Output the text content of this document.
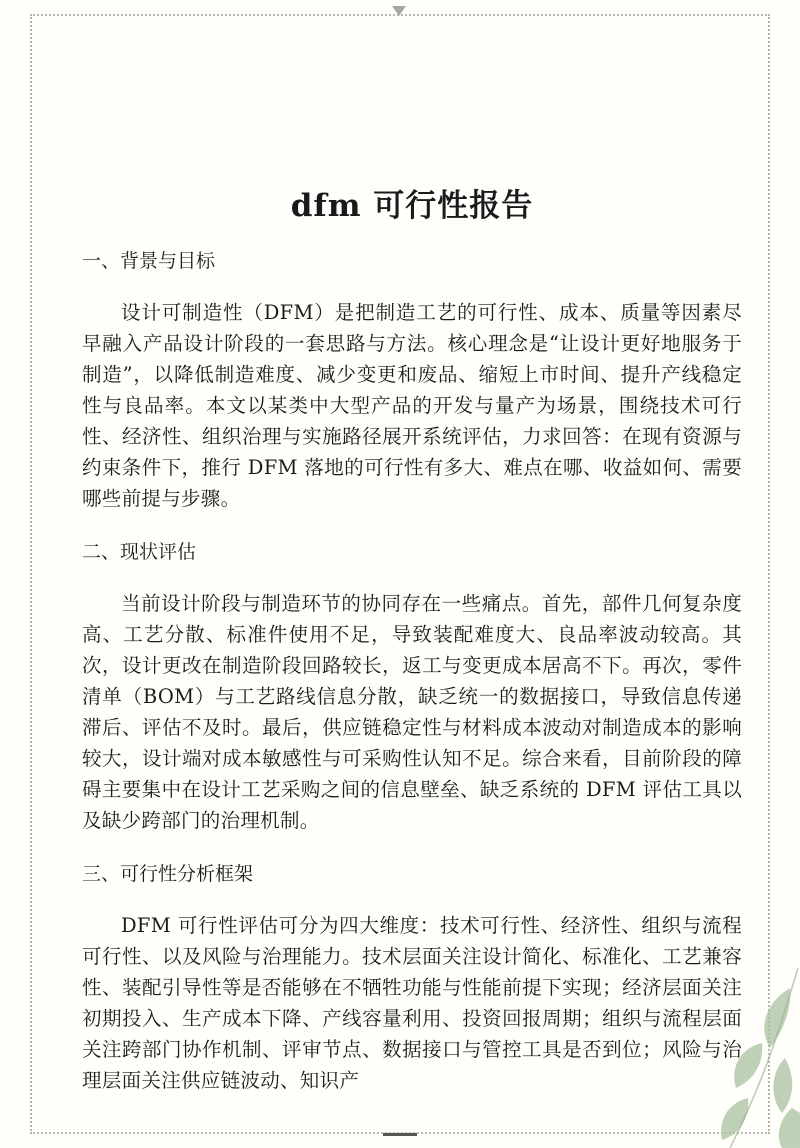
dfm 可行性报告
一、背景与目标

设计可制造性（DFM）是把制造工艺的可行性、成本、质量等因素尽早融入产品设计阶段的一套思路与方法。核心理念是“让设计更好地服务于制造”，以降低制造难度、减少变更和废品、缩短上市时间、提升产线稳定性与良品率。本文以某类中大型产品的开发与量产为场景，围绕技术可行性、经济性、组织治理与实施路径展开系统评估，力求回答：在现有资源与约束条件下，推行 DFM 落地的可行性有多大、难点在哪、收益如何、需要哪些前提与步骤。

二、现状评估

当前设计阶段与制造环节的协同存在一些痛点。首先，部件几何复杂度高、工艺分散、标准件使用不足，导致装配难度大、良品率波动较高。其次，设计更改在制造阶段回路较长，返工与变更成本居高不下。再次，零件清单（BOM）与工艺路线信息分散，缺乏统一的数据接口，导致信息传递滞后、评估不及时。最后，供应链稳定性与材料成本波动对制造成本的影响较大，设计端对成本敏感性与可采购性认知不足。综合来看，目前阶段的障碍主要集中在设计工艺采购之间的信息壁垒、缺乏系统的 DFM 评估工具以及缺少跨部门的治理机制。

三、可行性分析框架

DFM 可行性评估可分为四大维度：技术可行性、经济性、组织与流程可行性、以及风险与治理能力。技术层面关注设计简化、标准化、工艺兼容性、装配引导性等是否能够在不牺牲功能与性能前提下实现；经济层面关注初期投入、生产成本下降、产线容量利用、投资回报周期；组织与流程层面关注跨部门协作机制、评审节点、数据接口与管控工具是否到位；风险与治理层面关注供应链波动、知识产
